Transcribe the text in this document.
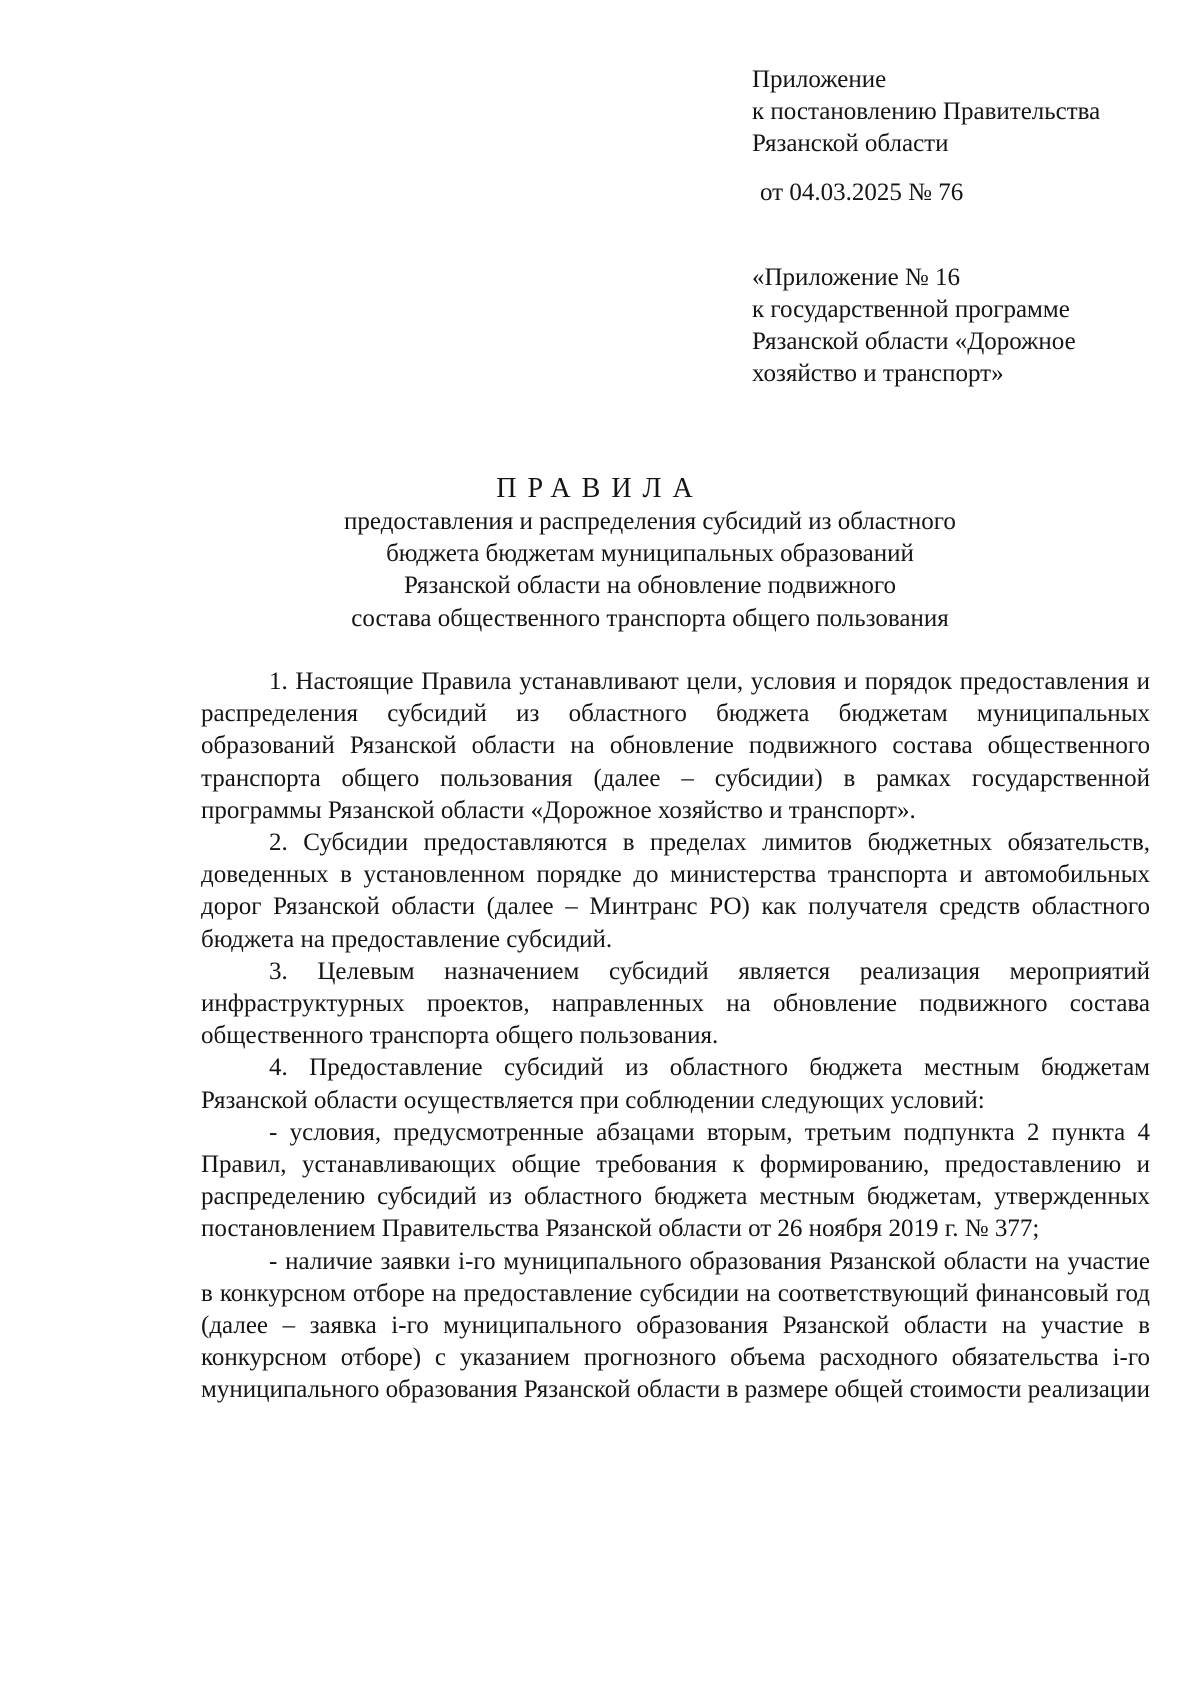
Приложение
к постановлению Правительства
Рязанской области
от 04.03.2025 № 76
«Приложение № 16
к государственной программе
Рязанской области «Дорожное
хозяйство и транспорт»
ПРАВИЛА
предоставления и распределения субсидий из областного
бюджета бюджетам муниципальных образований
Рязанской области на обновление подвижного
состава общественного транспорта общего пользования

1. Настоящие Правила устанавливают цели, условия и порядок предоставления и распределения субсидий из областного бюджета бюджетам муниципальных образований Рязанской области на обновление подвижного состава общественного транспорта общего пользования (далее – субсидии) в рамках государственной программы Рязанской области «Дорожное хозяйство и транспорт».

2. Субсидии предоставляются в пределах лимитов бюджетных обязательств, доведенных в установленном порядке до министерства транспорта и автомобильных дорог Рязанской области (далее – Минтранс РО) как получателя средств областного бюджета на предоставление субсидий.

3. Целевым назначением субсидий является реализация мероприятий инфраструктурных проектов, направленных на обновление подвижного состава общественного транспорта общего пользования.

4. Предоставление субсидий из областного бюджета местным бюджетам Рязанской области осуществляется при соблюдении следующих условий:

- условия, предусмотренные абзацами вторым, третьим подпункта 2 пункта 4 Правил, устанавливающих общие требования к формированию, предоставлению и распределению субсидий из областного бюджета местным бюджетам, утвержденных постановлением Правительства Рязанской области от 26 ноября 2019 г. № 377;

- наличие заявки i-го муниципального образования Рязанской области на участие в конкурсном отборе на предоставление субсидии на соответствующий финансовый год (далее – заявка i-го муниципального образования Рязанской области на участие в конкурсном отборе) с указанием прогнозного объема расходного обязательства i-го муниципального образования Рязанской области в размере общей стоимости реализации
